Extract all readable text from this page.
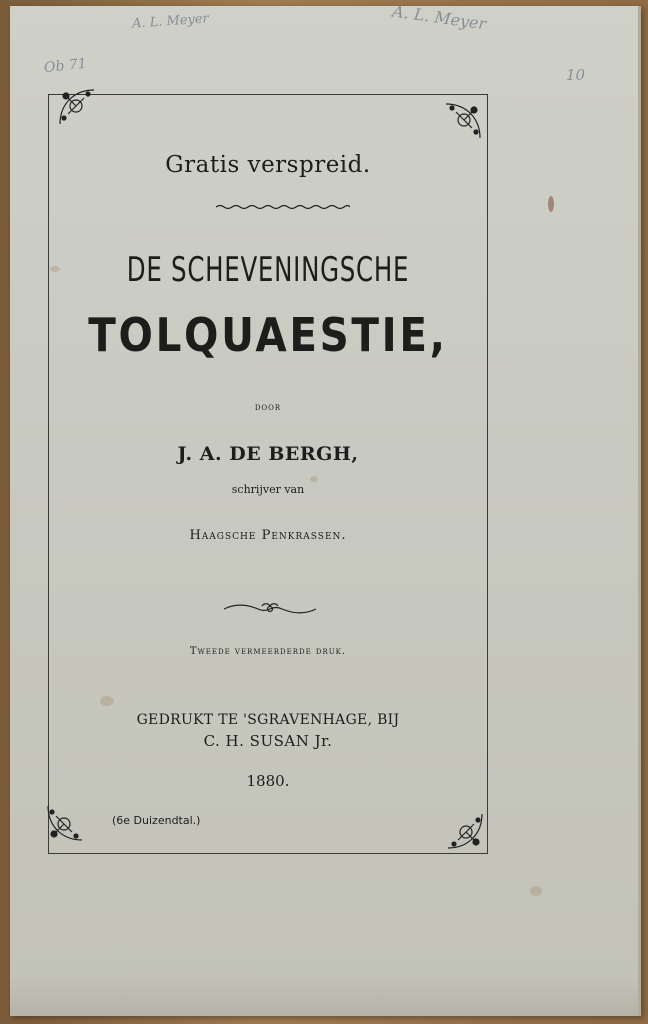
A. L. Meyer	A. L. Meyer
Ob 71	10
Gratis verspreid.
DE SCHEVENINGSCHE
TOLQUAESTIE,
DOOR
J. A. DE BERGH,
schrijver van
Haagsche Penkrassen.
Tweede vermeerderde druk.
GEDRUKT TE 'SGRAVENHAGE, BIJ
C. H. SUSAN Jr.
1880.
(6e Duizendtal.)
